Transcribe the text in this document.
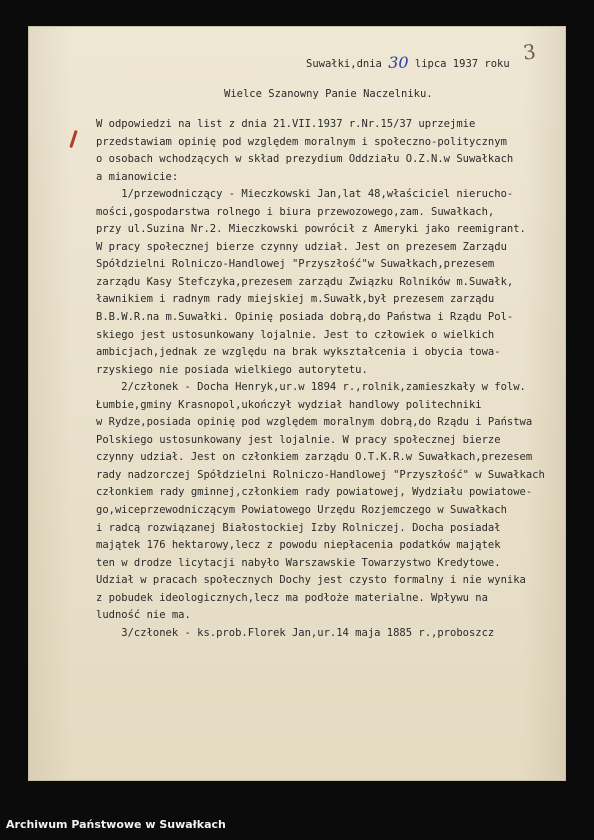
3
Suwałki,dnia 30 lipca 1937 roku
Wielce Szanowny Panie Naczelniku.
W odpowiedzi na list z dnia 21.VII.1937 r.Nr.15/37 uprzejmie
przedstawiam opinię pod względem moralnym i społeczno-politycznym
o osobach wchodzących w skład prezydium Oddziału O.Z.N.w Suwałkach
a mianowicie:
1/przewodniczący - Mieczkowski Jan,lat 48,właściciel nierucho-
mości,gospodarstwa rolnego i biura przewozowego,zam. Suwałkach,
przy ul.Suzina Nr.2. Mieczkowski powrócił z Ameryki jako reemigrant.
W pracy społecznej bierze czynny udział. Jest on prezesem Zarządu
Spółdzielni Rolniczo-Handlowej "Przyszłość"w Suwałkach,prezesem
zarządu Kasy Stefczyka,prezesem zarządu Związku Rolników m.Suwałk,
ławnikiem i radnym rady miejskiej m.Suwałk,był prezesem zarządu
B.B.W.R.na m.Suwałki. Opinię posiada dobrą,do Państwa i Rządu Pol-
skiego jest ustosunkowany lojalnie. Jest to człowiek o wielkich
ambicjach,jednak ze względu na brak wykształcenia i obycia towa-
rzyskiego nie posiada wielkiego autorytetu.
2/członek - Docha Henryk,ur.w 1894 r.,rolnik,zamieszkały w folw.
Łumbie,gminy Krasnopol,ukończył wydział handlowy politechniki
w Rydze,posiada opinię pod względem moralnym dobrą,do Rządu i Państwa
Polskiego ustosunkowany jest lojalnie. W pracy społecznej bierze
czynny udział. Jest on członkiem zarządu O.T.K.R.w Suwałkach,prezesem
rady nadzorczej Spółdzielni Rolniczo-Handlowej "Przyszłość" w Suwałkach
członkiem rady gminnej,członkiem rady powiatowej, Wydziału powiatowe-
go,wiceprzewodniczącym Powiatowego Urzędu Rozjemczego w Suwałkach
i radcą rozwiązanej Białostockiej Izby Rolniczej. Docha posiadał
majątek 176 hektarowy,lecz z powodu niepłacenia podatków majątek
ten w drodze licytacji nabyło Warszawskie Towarzystwo Kredytowe.
Udział w pracach społecznych Dochy jest czysto formalny i nie wynika
z pobudek ideologicznych,lecz ma podłoże materialne. Wpływu na
ludność nie ma.
3/członek - ks.prob.Florek Jan,ur.14 maja 1885 r.,proboszcz
Archiwum Państwowe w Suwałkach
